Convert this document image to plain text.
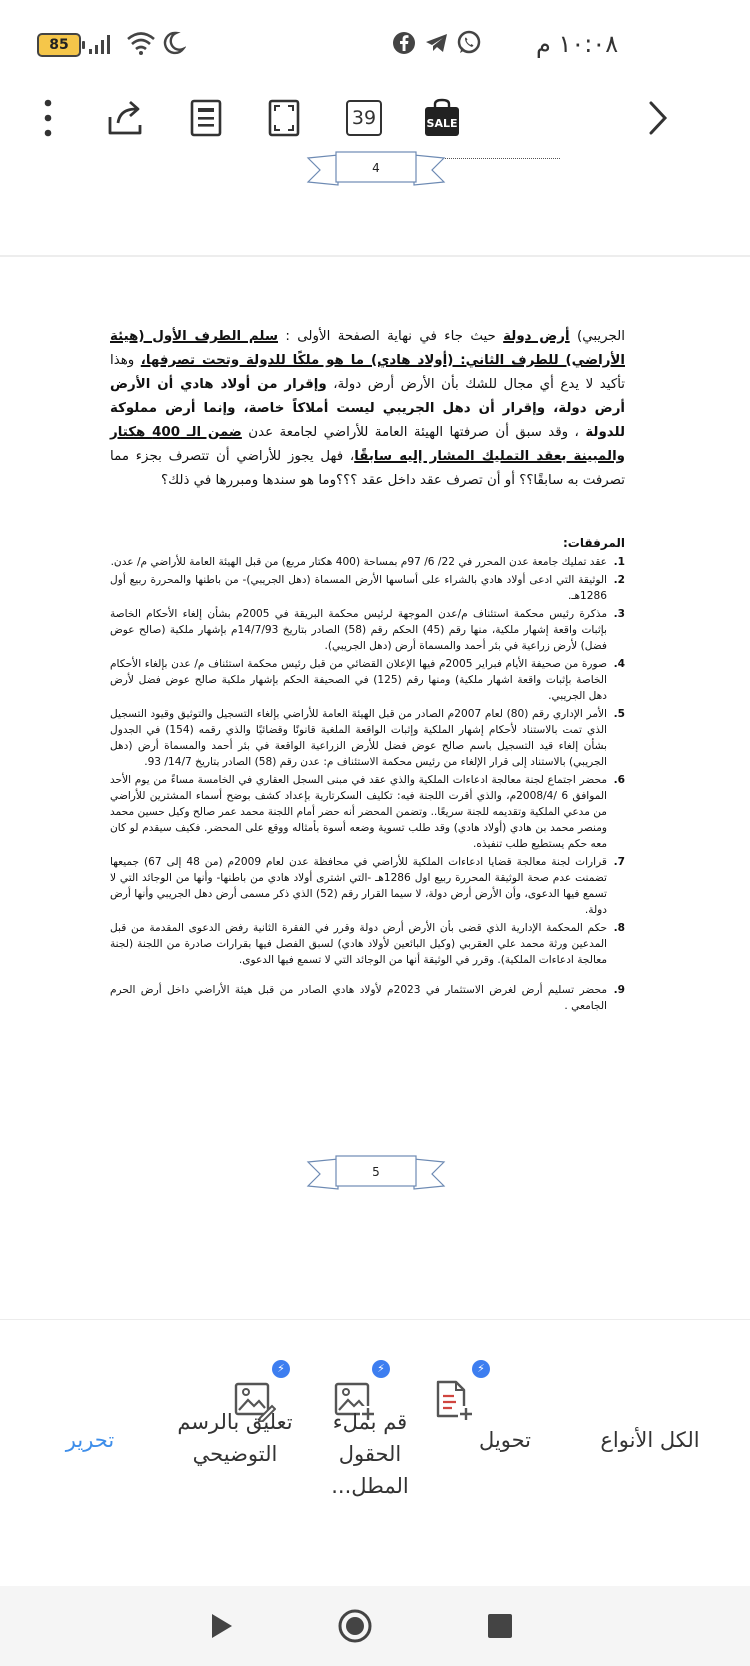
85	١٠:٠٨ م
39	SALE
4
الجريبي) أرض دولة حيث جاء في نهاية الصفحة الأولى : سلم الطرف الأول (هيئة الأراضي) للطرف الثاني: (أولاد هادي) ما هو ملكًا للدولة وتحت تصرفها، وهذا تأكيد لا يدع أي مجال للشك بأن الأرض أرض دولة، وإقرار من أولاد هادي أن الأرض أرض دولة، وإقرار أن دهل الجريبي ليست أملاكاً خاصة، وإنما أرض مملوكة للدولة ، وقد سبق أن صرفتها الهيئة العامة للأراضي لجامعة عدن ضمن الـ 400 هكتار والمبينة بعقد التمليك المشار إليه سابقًا، فهل يجوز للأراضي أن تتصرف بجزء مما تصرفت به سابقًا؟؟ أو أن تصرف عقد داخل عقد ؟؟؟وما هو سندها ومبررها في ذلك؟
المرفقات:
1.
عقد تمليك جامعة عدن المحرر في 22/ 6/ 97م بمساحة (400 هكتار مربع) من قبل الهيئة العامة للأراضي م/ عدن.
2.
الوثيقة التي ادعى أولاد هادي بالشراء على أساسها الأرض المسماة (دهل الجريبي)- من باطنها والمحررة ربيع أول 1286هـ.
3.
مذكرة رئيس محكمة استئناف م/عدن الموجهة لرئيس محكمة البريقة في 2005م بشأن إلغاء الأحكام الخاصة بإثبات واقعة إشهار ملكية، منها رقم (45) الحكم رقم (58) الصادر بتاريخ 14/7/93م بإشهار ملكية (صالح عوض فضل) لأرض زراعية في بئر أحمد والمسماة أرض (دهل الجريبي).
4.
صورة من صحيفة الأيام فبراير 2005م فيها الإعلان القضائي من قبل رئيس محكمة استئناف م/ عدن بإلغاء الأحكام الخاصة بإثبات واقعة اشهار ملكية) ومنها رقم (125) في الصحيفة الحكم بإشهار ملكية صالح عوض فضل لأرض دهل الجريبي.
5.
الأمر الإداري رقم (80) لعام 2007م الصادر من قبل الهيئة العامة للأراضي بإلغاء التسجيل والتوثيق وقيود التسجيل الذي تمت بالاستناد لأحكام إشهار الملكية وإثبات الواقعة الملغية قانونًا وقضائيًا والذي رقمه (154) في الجدول بشأن إلغاء قيد التسجيل باسم صالح عوض فضل للأرض الزراعية الواقعة في بئر أحمد والمسماة أرض (دهل الجريبي) بالاستناد إلى قرار الإلغاء من رئيس محكمة الاستئناف م: عدن رقم (58) الصادر بتاريخ 14/7/ 93.
6.
محضر اجتماع لجنة معالجة ادعاءات الملكية والذي عقد في مبنى السجل العقاري في الخامسة مساءً من يوم الأحد الموافق 6 /2008/4م، والذي أقرت اللجنة فيه: تكليف السكرتارية بإعداد كشف بوضح أسماء المشترين للأراضي من مدعي الملكية وتقديمه للجنة سريعًا.. وتضمن المحضر أنه حضر أمام اللجنة محمد عمر صالح وكيل حسين محمد ومنصر محمد بن هادي (أولاد هادي) وقد طلب تسوية وضعه أسوة بأمثاله ووقع على المحضر. فكيف سيقدم لو كان معه حكم يستطيع طلب تنفيذه.
7.
قرارات لجنة معالجة قضايا ادعاءات الملكية للأراضي في محافظة عدن لعام 2009م (من 48 إلى 67) جميعها تضمنت عدم صحة الوثيقة المحررة ربيع اول 1286هـ -التي اشترى أولاد هادي من باطنها- وأنها من الوجائد التي لا تسمع فيها الدعوى، وأن الأرض أرض دولة، لا سيما القرار رقم (52) الذي ذكر مسمى أرض دهل الجريبي وأنها أرض دولة.
8.
حكم المحكمة الإدارية الذي قضى بأن الأرض أرض دولة وقرر في الفقرة الثانية رفض الدعوى المقدمة من قبل المدعين ورثة محمد علي العقربي (وكيل البائعين لأولاد هادي) لسبق الفصل فيها بقرارات صادرة من اللجنة (لجنة معالجة ادعاءات الملكية). وقرر في الوثيقة أنها من الوجائد التي لا تسمع فيها الدعوى.
9.
محضر تسليم أرض لغرض الاستثمار في 2023م لأولاد هادي الصادر من قبل هيئة الأراضي داخل أرض الحرم الجامعي .
5
⚡	⚡	⚡
الكل الأنواع
تحويل
قم بملء الحقول المطل...
تعليق بالرسم التوضيحي
تحرير
